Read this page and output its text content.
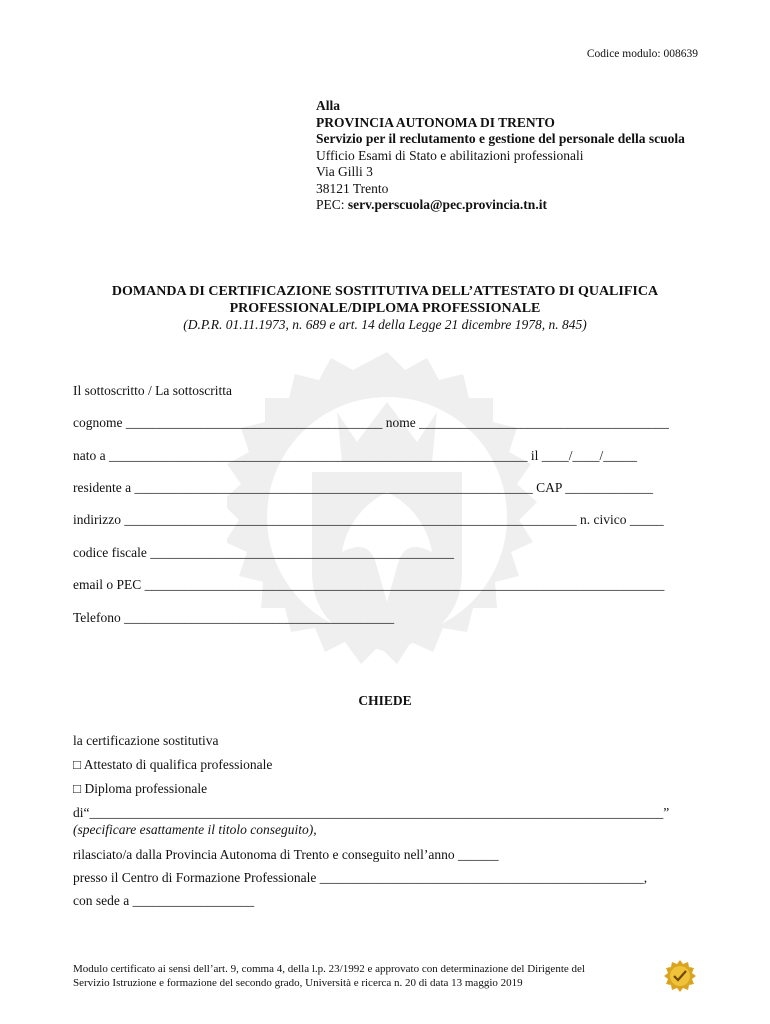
Codice modulo: 008639
Alla
PROVINCIA AUTONOMA DI TRENTO
Servizio per il reclutamento e gestione del personale della scuola
Ufficio Esami di Stato e abilitazioni professionali
Via Gilli 3
38121 Trento
PEC: serv.perscuola@pec.provincia.tn.it
DOMANDA DI CERTIFICAZIONE SOSTITUTIVA DELL’ATTESTATO DI QUALIFICA
PROFESSIONALE/DIPLOMA PROFESSIONALE
(D.P.R. 01.11.1973, n. 689 e art. 14 della Legge 21 dicembre 1978, n. 845)
Il sottoscritto / La sottoscritta
cognome ______________________________________ nome _____________________________________
nato a ______________________________________________________________ il ____/____/_____
residente a ___________________________________________________________ CAP _____________
indirizzo ___________________________________________________________________ n. civico _____
codice fiscale _____________________________________________
email o PEC _____________________________________________________________________________
Telefono ________________________________________
CHIEDE
la certificazione sostitutiva
□ Attestato di qualifica professionale
□ Diploma professionale
di“_____________________________________________________________________________________”
(specificare esattamente il titolo conseguito),
rilasciato/a dalla Provincia Autonoma di Trento e conseguito nell’anno ______
presso il Centro di Formazione Professionale ________________________________________________,
con sede a __________________
Modulo certificato ai sensi dell’art. 9, comma 4, della l.p. 23/1992 e approvato con determinazione del Dirigente del
Servizio Istruzione e formazione del secondo grado, Università e ricerca n. 20 di data 13 maggio 2019
